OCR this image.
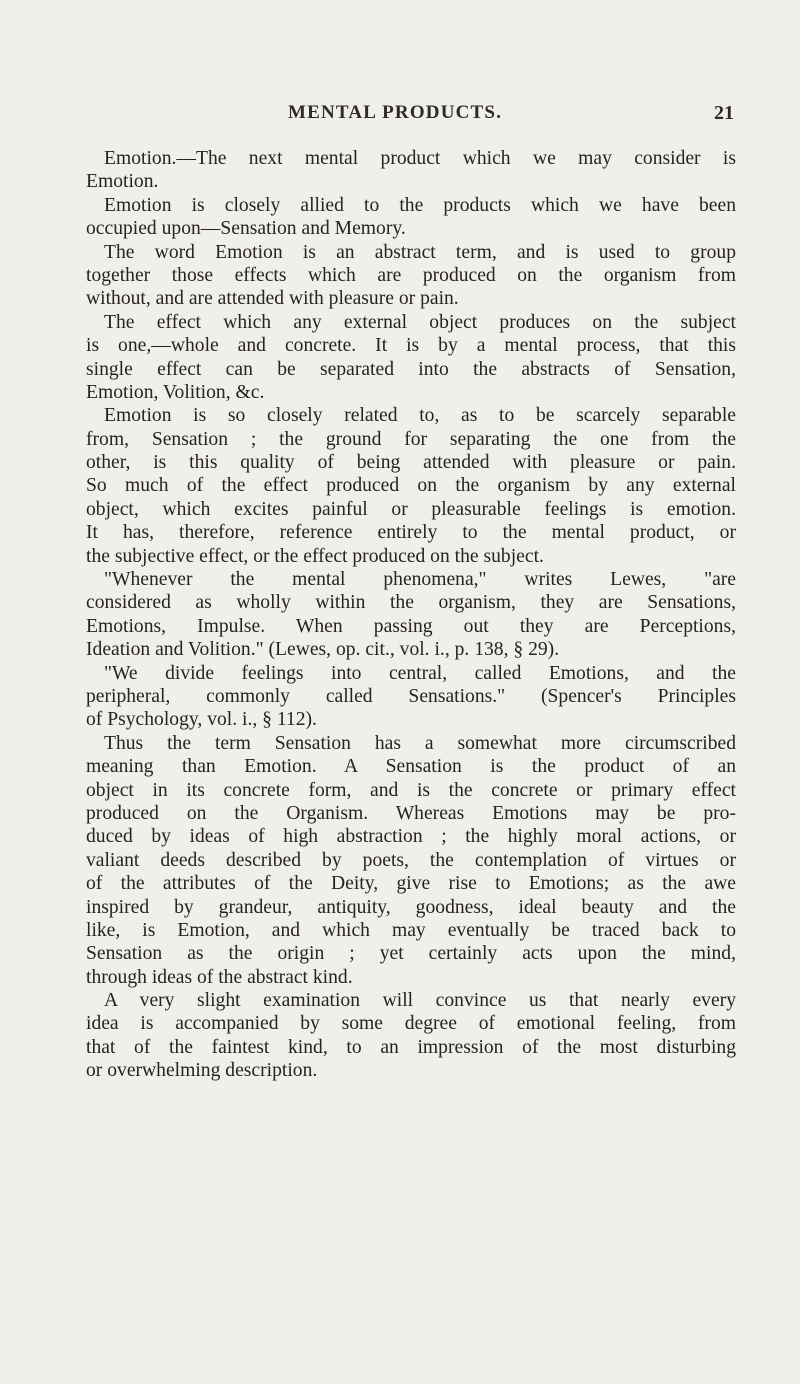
MENTAL PRODUCTS.	21
Emotion.—The next mental product which we may consider is
Emotion.
Emotion is closely allied to the products which we have been
occupied upon—Sensation and Memory.
The word Emotion is an abstract term, and is used to group
together those effects which are produced on the organism from
without, and are attended with pleasure or pain.
The effect which any external object produces on the subject
is one,—whole and concrete. It is by a mental process, that this
single effect can be separated into the abstracts of Sensation,
Emotion, Volition, &c.
Emotion is so closely related to, as to be scarcely separable
from, Sensation ; the ground for separating the one from the
other, is this quality of being attended with pleasure or pain.
So much of the effect produced on the organism by any external
object, which excites painful or pleasurable feelings is emotion.
It has, therefore, reference entirely to the mental product, or
the subjective effect, or the effect produced on the subject.
"Whenever the mental phenomena," writes Lewes, "are
considered as wholly within the organism, they are Sensations,
Emotions, Impulse. When passing out they are Perceptions,
Ideation and Volition." (Lewes, op. cit., vol. i., p. 138, § 29).
"We divide feelings into central, called Emotions, and the
peripheral, commonly called Sensations." (Spencer's Principles
of Psychology, vol. i., § 112).
Thus the term Sensation has a somewhat more circumscribed
meaning than Emotion. A Sensation is the product of an
object in its concrete form, and is the concrete or primary effect
produced on the Organism. Whereas Emotions may be pro-
duced by ideas of high abstraction ; the highly moral actions, or
valiant deeds described by poets, the contemplation of virtues or
of the attributes of the Deity, give rise to Emotions; as the awe
inspired by grandeur, antiquity, goodness, ideal beauty and the
like, is Emotion, and which may eventually be traced back to
Sensation as the origin ; yet certainly acts upon the mind,
through ideas of the abstract kind.
A very slight examination will convince us that nearly every
idea is accompanied by some degree of emotional feeling, from
that of the faintest kind, to an impression of the most disturbing
or overwhelming description.
